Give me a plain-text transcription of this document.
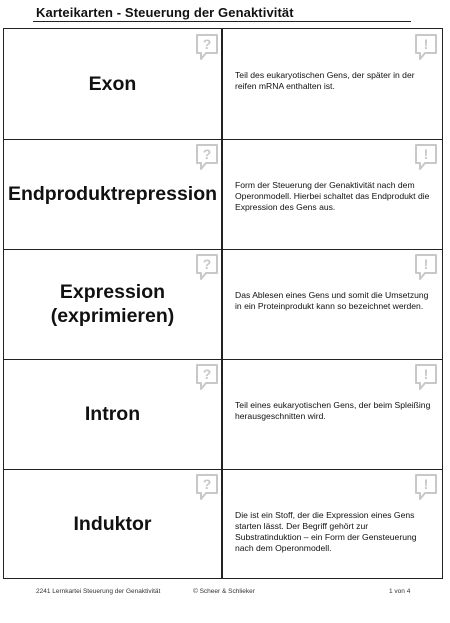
Karteikarten - Steuerung der Genaktivität
Exon
?
Teil des eukaryotischen Gens, der später in der reifen mRNA enthalten ist.
!
Endproduktrepression
?
Form der Steuerung der Genaktivität nach dem Operonmodell. Hierbei schaltet das Endprodukt die Expression des Gens aus.
!
Expression (exprimieren)
?
Das Ablesen eines Gens und somit die Umsetzung in ein Proteinprodukt kann so bezeichnet werden.
!
Intron
?
Teil eines eukaryotischen Gens, der beim Spleißing herausgeschnitten wird.
!
Induktor
?
Die ist ein Stoff, der die Expression eines Gens starten lässt. Der Begriff gehört zur Substratinduktion – ein Form der Gensteuerung nach dem Operonmodell.
!
2241 Lernkartei Steuerung der Genaktivität	© Scheer & Schlieker	1 von 4
